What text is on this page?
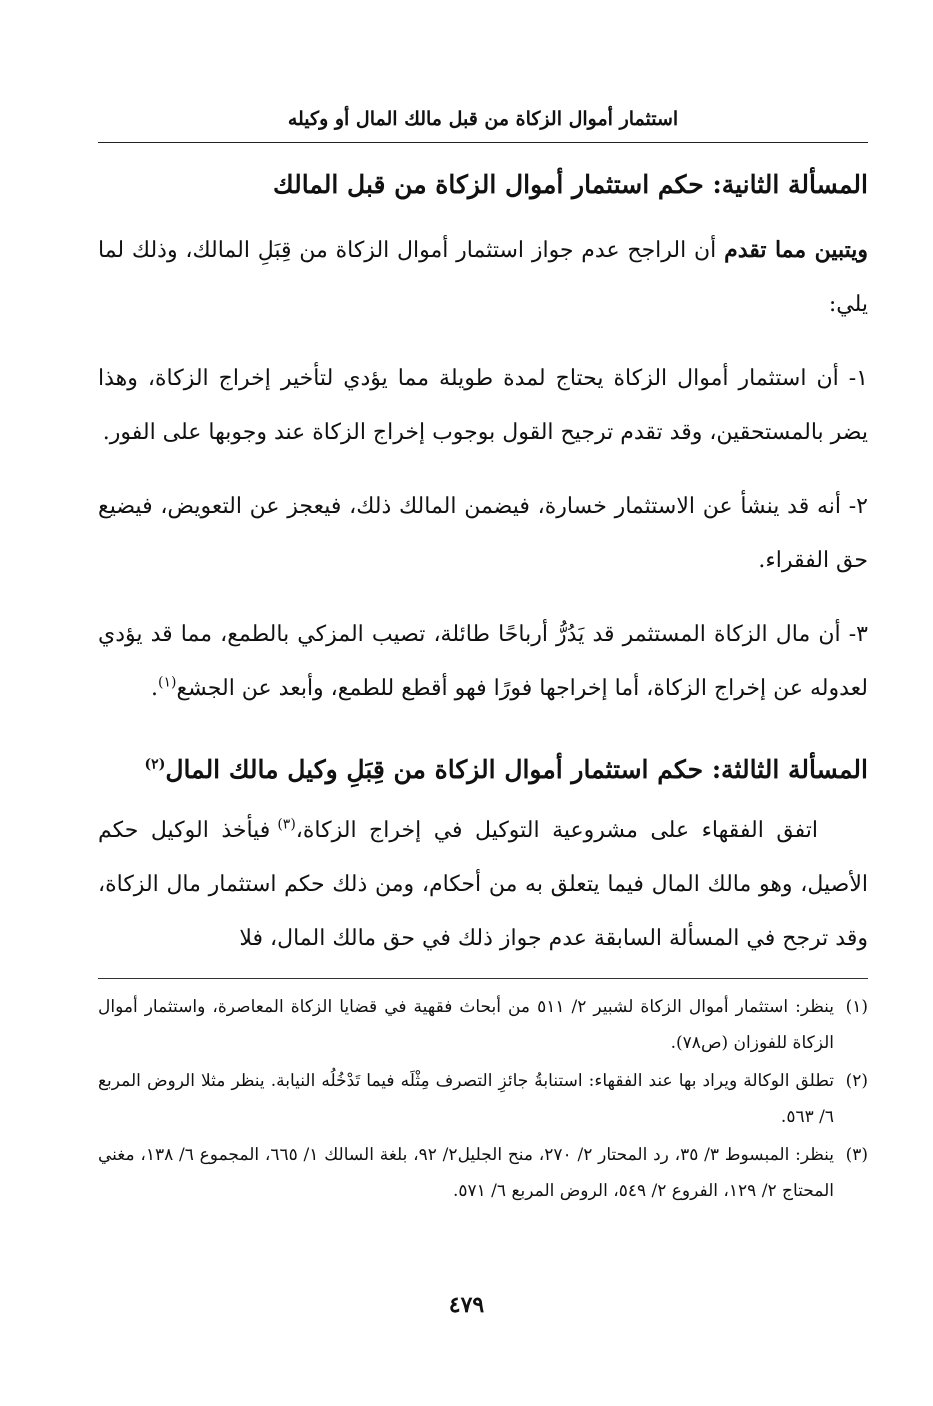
استثمار أموال الزكاة من قبل مالك المال أو وكيله
المسألة الثانية: حكم استثمار أموال الزكاة من قبل المالك

ويتبين مما تقدم أن الراجح عدم جواز استثمار أموال الزكاة من قِبَلِ المالك، وذلك لما يلي:

١- أن استثمار أموال الزكاة يحتاج لمدة طويلة مما يؤدي لتأخير إخراج الزكاة، وهذا يضر بالمستحقين، وقد تقدم ترجيح القول بوجوب إخراج الزكاة عند وجوبها على الفور.

٢- أنه قد ينشأ عن الاستثمار خسارة، فيضمن المالك ذلك، فيعجز عن التعويض، فيضيع حق الفقراء.

٣- أن مال الزكاة المستثمر قد يَدُرُّ أرباحًا طائلة، تصيب المزكي بالطمع، مما قد يؤدي لعدوله عن إخراج الزكاة، أما إخراجها فورًا فهو أقطع للطمع، وأبعد عن الجشع$^{(١)}$.

المسألة الثالثة: حكم استثمار أموال الزكاة من قِبَلِ وكيل مالك المال$^{(٢)}$

اتفق الفقهاء على مشروعية التوكيل في إخراج الزكاة،$^{(٣)}$ فيأخذ الوكيل حكم الأصيل، وهو مالك المال فيما يتعلق به من أحكام، ومن ذلك حكم استثمار مال الزكاة، وقد ترجح في المسألة السابقة عدم جواز ذلك في حق مالك المال، فلا

(١)
ينظر: استثمار أموال الزكاة لشبير ٢/ ٥١١ من أبحاث فقهية في قضايا الزكاة المعاصرة، واستثمار أموال الزكاة للفوزان (ص٧٨).
(٢)
تطلق الوكالة ويراد بها عند الفقهاء: استنابةُ جائزِ التصرف مِثْلَه فيما تَدْخُلُه النيابة. ينظر مثلا الروض المربع ٦/ ٥٦٣.
(٣)
ينظر: المبسوط ٣/ ٣٥، رد المحتار ٢/ ٢٧٠، منح الجليل٢/ ٩٢، بلغة السالك ١/ ٦٦٥، المجموع ٦/ ١٣٨، مغني المحتاج ٢/ ١٢٩، الفروع ٢/ ٥٤٩، الروض المربع ٦/ ٥٧١.
٤٧٩
